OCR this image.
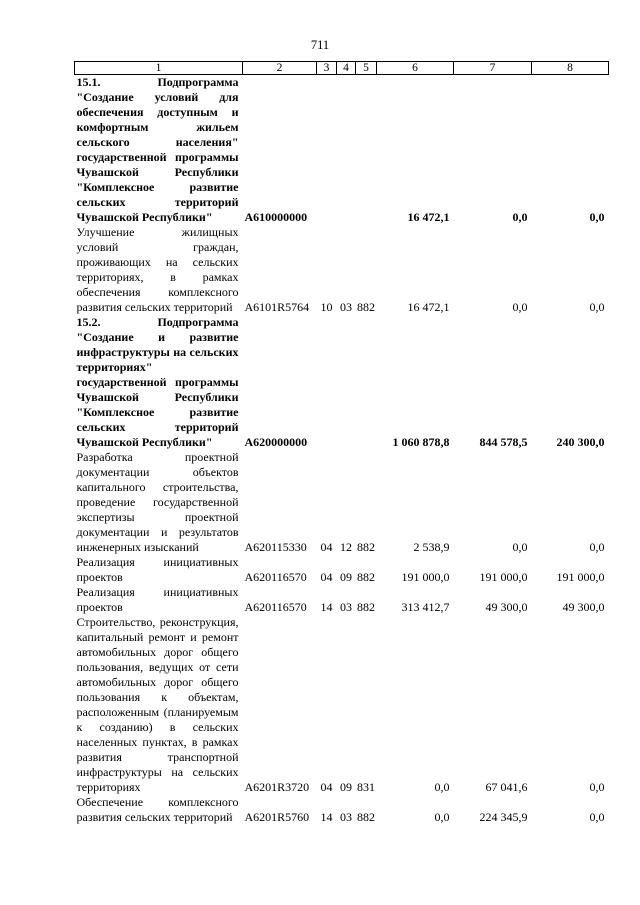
711
1	2	3	4	5	6	7	8
15.1. Подпрограмма "Создание условий для обеспечения доступным и комфортным жильем сельского населения" государственной программы Чувашской Республики "Комплексное развитие сельских территорий Чувашской Республики"	А610000000				16 472,1	0,0	0,0
Улучшение жилищных условий граждан, проживающих на сельских территориях, в рамках обеспечения комплексного развития сельских территорий	А6101R5764	10	03	882	16 472,1	0,0	0,0
15.2. Подпрограмма "Создание и развитие инфраструктуры на сельских территориях" государственной программы Чувашской Республики "Комплексное развитие сельских территорий Чувашской Республики"	А620000000				1 060 878,8	844 578,5	240 300,0
Разработка проектной документации объектов капитального строительства, проведение государственной экспертизы проектной документации и результатов инженерных изысканий	А620115330	04	12	882	2 538,9	0,0	0,0
Реализация инициативных проектов	А620116570	04	09	882	191 000,0	191 000,0	191 000,0
Реализация инициативных проектов	А620116570	14	03	882	313 412,7	49 300,0	49 300,0
Строительство, реконструкция, капитальный ремонт и ремонт автомобильных дорог общего пользования, ведущих от сети автомобильных дорог общего пользования к объектам, расположенным (планируемым к созданию) в сельских населенных пунктах, в рамках развития транспортной инфраструктуры на сельских территориях	А6201R3720	04	09	831	0,0	67 041,6	0,0
Обеспечение комплексного развития сельских территорий	А6201R5760	14	03	882	0,0	224 345,9	0,0
